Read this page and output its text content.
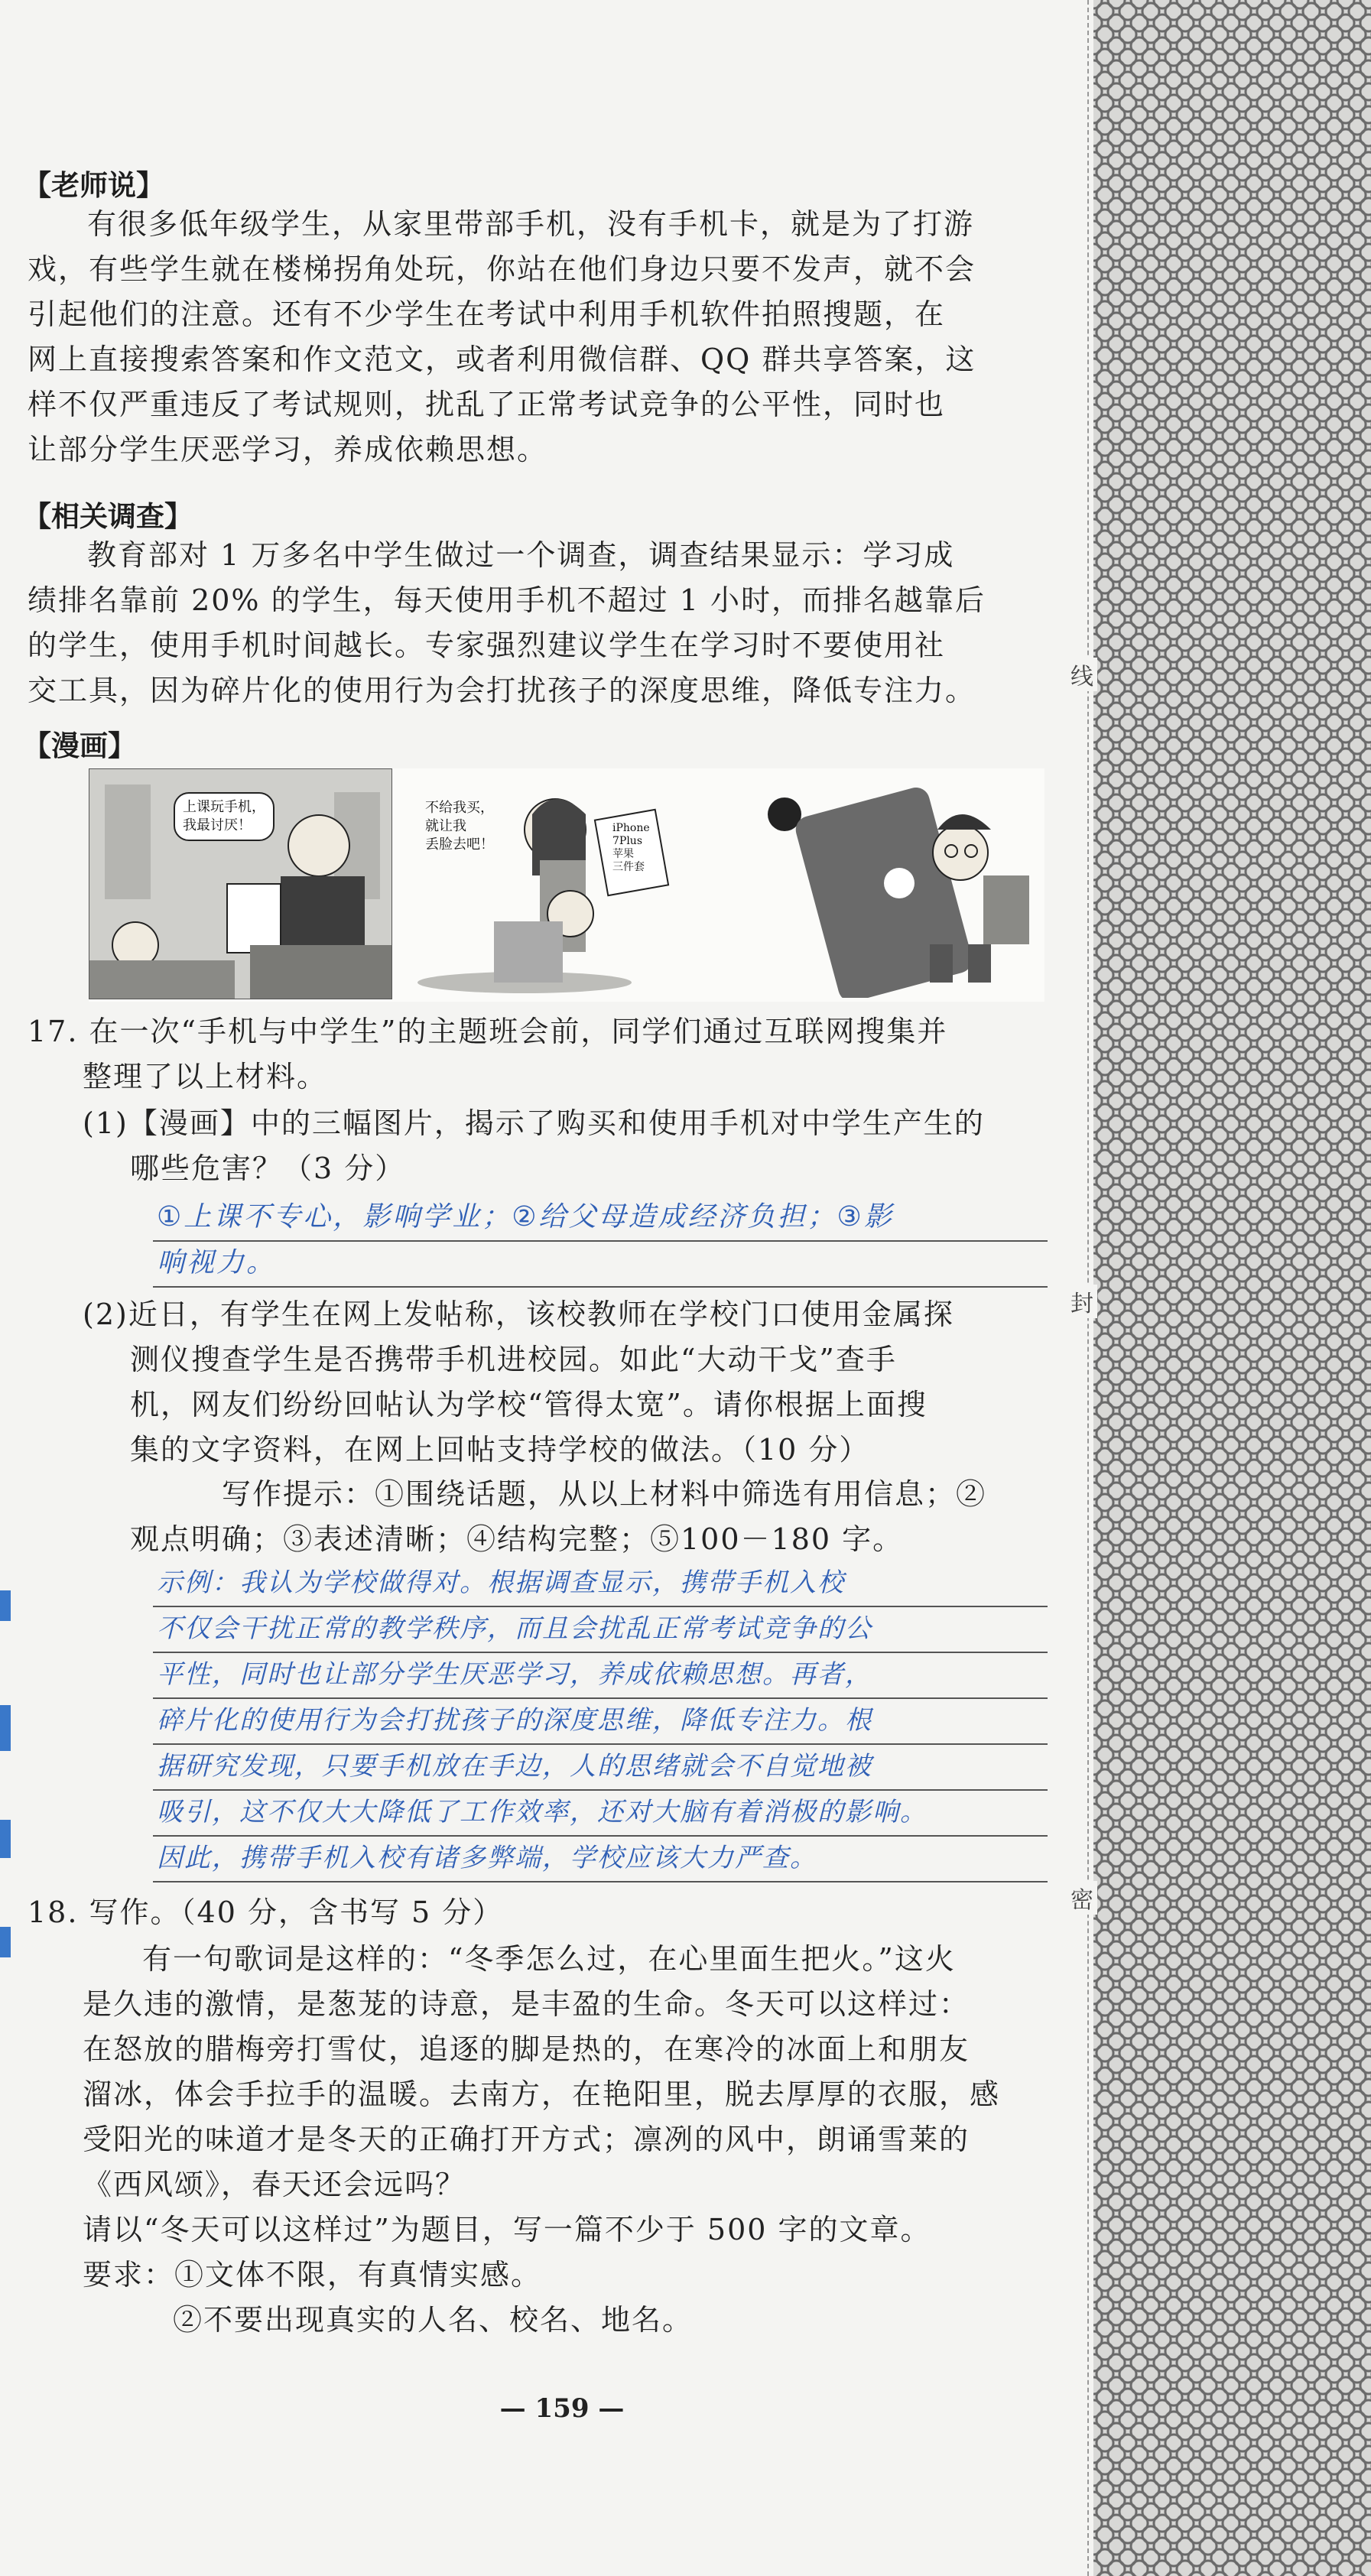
线
封
密
【老师说】
有很多低年级学生，从家里带部手机，没有手机卡，就是为了打游
戏，有些学生就在楼梯拐角处玩，你站在他们身边只要不发声，就不会
引起他们的注意。还有不少学生在考试中利用手机软件拍照搜题，在
网上直接搜索答案和作文范文，或者利用微信群、QQ 群共享答案，这
样不仅严重违反了考试规则，扰乱了正常考试竞争的公平性，同时也
让部分学生厌恶学习，养成依赖思想。
【相关调查】
教育部对 1 万多名中学生做过一个调查，调查结果显示：学习成
绩排名靠前 20% 的学生，每天使用手机不超过 1 小时，而排名越靠后
的学生，使用手机时间越长。专家强烈建议学生在学习时不要使用社
交工具，因为碎片化的使用行为会打扰孩子的深度思维，降低专注力。
【漫画】
上课玩手机，
我最讨厌！
不给我买，
就让我
丢脸去吧！
iPhone
7Plus
苹果
三件套
17. 在一次“手机与中学生”的主题班会前，同学们通过互联网搜集并
整理了以上材料。
(1)【漫画】中的三幅图片，揭示了购买和使用手机对中学生产生的
哪些危害？（3 分）
①上课不专心，影响学业；②给父母造成经济负担；③影
响视力。
(2)近日，有学生在网上发帖称，该校教师在学校门口使用金属探
测仪搜查学生是否携带手机进校园。如此“大动干戈”查手
机，网友们纷纷回帖认为学校“管得太宽”。请你根据上面搜
集的文字资料，在网上回帖支持学校的做法。（10 分）
写作提示：①围绕话题，从以上材料中筛选有用信息；②
观点明确；③表述清晰；④结构完整；⑤100－180 字。
示例：我认为学校做得对。根据调查显示，携带手机入校
不仅会干扰正常的教学秩序，而且会扰乱正常考试竞争的公
平性，同时也让部分学生厌恶学习，养成依赖思想。再者，
碎片化的使用行为会打扰孩子的深度思维，降低专注力。根
据研究发现，只要手机放在手边，人的思绪就会不自觉地被
吸引，这不仅大大降低了工作效率，还对大脑有着消极的影响。
因此，携带手机入校有诸多弊端，学校应该大力严查。
18. 写作。（40 分，含书写 5 分）
有一句歌词是这样的：“冬季怎么过，在心里面生把火。”这火
是久违的激情，是葱茏的诗意，是丰盈的生命。冬天可以这样过：
在怒放的腊梅旁打雪仗，追逐的脚是热的，在寒冷的冰面上和朋友
溜冰，体会手拉手的温暖。去南方，在艳阳里，脱去厚厚的衣服，感
受阳光的味道才是冬天的正确打开方式；凛冽的风中，朗诵雪莱的
《西风颂》，春天还会远吗？
请以“冬天可以这样过”为题目，写一篇不少于 500 字的文章。
要求：①文体不限，有真情实感。
②不要出现真实的人名、校名、地名。
— 159 —
